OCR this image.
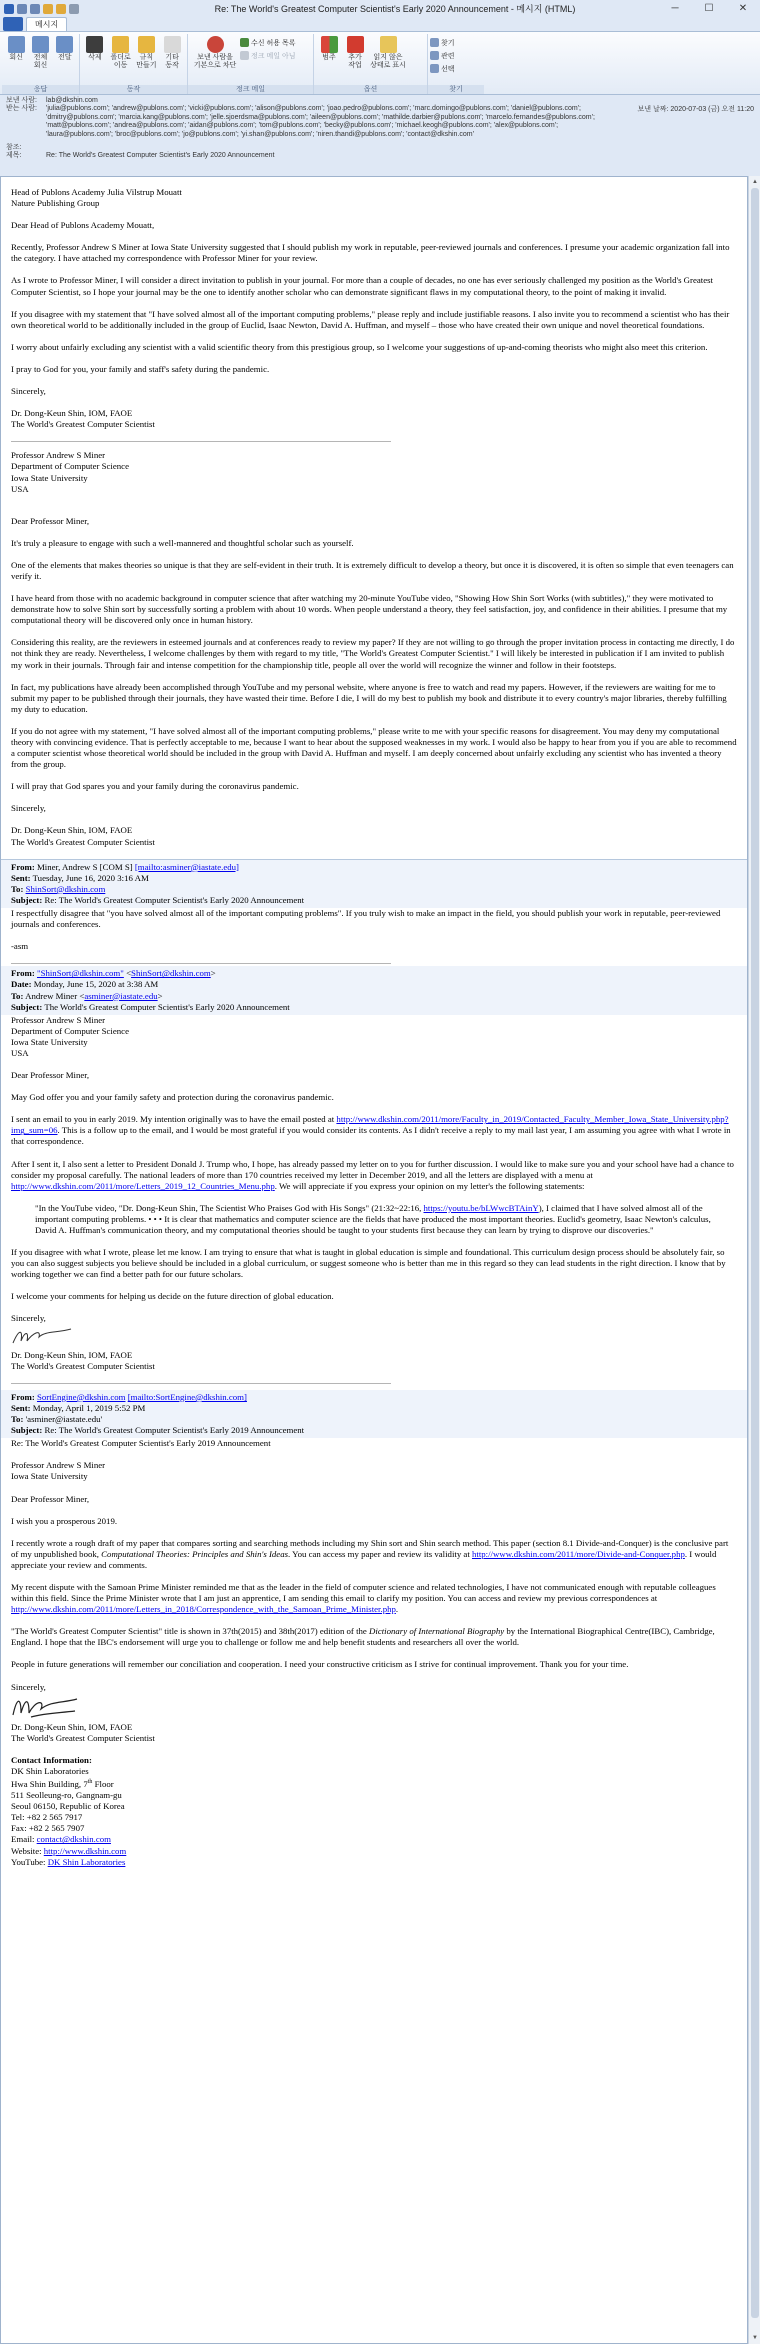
Re: The World's Greatest Computer Scientist's Early 2020 Announcement - 메시지 (HTML)	─	☐	✕
메시지
회신 전체
회신
전달
응답
삭제 폴더로
이동
규칙
만들기
기타
동작
동작
보낸 사람을
기본으로 차단
수신 허용 목록
정크 메일 아님
정크 메일
범주 추가
작업
읽지 않은
상태로 표시
옵션
찾기
관련
선택
찾기
보낸 사람:	lab@dkshin.com
받는 사람:	'julia@publons.com'; 'andrew@publons.com'; 'vicki@publons.com'; 'alison@publons.com'; 'joao.pedro@publons.com'; 'marc.domingo@publons.com'; 'daniel@publons.com';
'dmitry@publons.com'; 'marcia.kang@publons.com'; 'jelle.sjoerdsma@publons.com'; 'aileen@publons.com'; 'mathilde.darbier@publons.com'; 'marcelo.fernandes@publons.com';
'matt@publons.com'; 'andrea@publons.com'; 'aidan@publons.com'; 'tom@publons.com'; 'becky@publons.com'; 'michael.keogh@publons.com'; 'alex@publons.com';
'laura@publons.com'; 'broc@publons.com'; 'jo@publons.com'; 'yi.shan@publons.com'; 'niren.thandi@publons.com'; 'contact@dkshin.com'
참조:
제목:	Re: The World's Greatest Computer Scientist's Early 2020 Announcement
보낸 날짜: 2020-07-03 (금) 오전 11:20

Head of Publons Academy Julia Vilstrup Mouatt

Nature Publishing Group

Dear Head of Publons Academy Mouatt,

Recently, Professor Andrew S Miner at Iowa State University suggested that I should publish my work in reputable, peer-reviewed journals and conferences. I presume your academic organization fall into the category. I have attached my correspondence with Professor Miner for your review.

As I wrote to Professor Miner, I will consider a direct invitation to publish in your journal. For more than a couple of decades, no one has ever seriously challenged my position as the World's Greatest Computer Scientist, so I hope your journal may be the one to identify another scholar who can demonstrate significant flaws in my computational theory, to the point of making it invalid.

If you disagree with my statement that "I have solved almost all of the important computing problems," please reply and include justifiable reasons. I also invite you to recommend a scientist who has their own theoretical world to be additionally included in the group of Euclid, Isaac Newton, David A. Huffman, and myself – those who have created their own unique and novel theoretical foundations.

I worry about unfairly excluding any scientist with a valid scientific theory from this prestigious group, so I welcome your suggestions of up-and-coming theorists who might also meet this criterion.

I pray to God for you, your family and staff's safety during the pandemic.

Sincerely,

Dr. Dong-Keun Shin, IOM, FAOE

The World's Greatest Computer Scientist

Professor Andrew S Miner

Department of Computer Science

Iowa State University

USA

Dear Professor Miner,

It's truly a pleasure to engage with such a well-mannered and thoughtful scholar such as yourself.

One of the elements that makes theories so unique is that they are self-evident in their truth. It is extremely difficult to develop a theory, but once it is discovered, it is often so simple that even teenagers can verify it.

I have heard from those with no academic background in computer science that after watching my 20-minute YouTube video, "Showing How Shin Sort Works (with subtitles)," they were motivated to demonstrate how to solve Shin sort by successfully sorting a problem with about 10 words. When people understand a theory, they feel satisfaction, joy, and confidence in their abilities. I presume that my computational theory will be discovered only once in human history.

Considering this reality, are the reviewers in esteemed journals and at conferences ready to review my paper? If they are not willing to go through the proper invitation process in contacting me directly, I do not think they are ready. Nevertheless, I welcome challenges by them with regard to my title, "The World's Greatest Computer Scientist." I will likely be interested in publication if I am invited to publish my work in their journals. Through fair and intense competition for the championship title, people all over the world will recognize the winner and follow in their footsteps.

In fact, my publications have already been accomplished through YouTube and my personal website, where anyone is free to watch and read my papers. However, if the reviewers are waiting for me to submit my paper to be published through their journals, they have wasted their time. Before I die, I will do my best to publish my book and distribute it to every country's major libraries, thereby fulfilling my duty to education.

If you do not agree with my statement, "I have solved almost all of the important computing problems," please write to me with your specific reasons for disagreement. You may deny my computational theory with convincing evidence. That is perfectly acceptable to me, because I want to hear about the supposed weaknesses in my work. I would also be happy to hear from you if you are able to recommend a computer scientist whose theoretical world should be included in the group with David A. Huffman and myself. I am deeply concerned about unfairly excluding any scientist who has invented a theory from the group.

I will pray that God spares you and your family during the coronavirus pandemic.

Sincerely,

Dr. Dong-Keun Shin, IOM, FAOE

The World's Greatest Computer Scientist

From: Miner, Andrew S [COM S] [mailto:asminer@iastate.edu]

Sent: Tuesday, June 16, 2020 3:16 AM

To: ShinSort@dkshin.com

Subject: Re: The World's Greatest Computer Scientist's Early 2020 Announcement

I respectfully disagree that "you have solved almost all of the important computing problems". If you truly wish to make an impact in the field, you should publish your work in reputable, peer-reviewed journals and conferences.

-asm

From: "ShinSort@dkshin.com" <ShinSort@dkshin.com>

Date: Monday, June 15, 2020 at 3:38 AM

To: Andrew Miner <asminer@iastate.edu>

Subject: The World's Greatest Computer Scientist's Early 2020 Announcement

Professor Andrew S Miner

Department of Computer Science

Iowa State University

USA

Dear Professor Miner,

May God offer you and your family safety and protection during the coronavirus pandemic.

I sent an email to you in early 2019. My intention originally was to have the email posted at http://www.dkshin.com/2011/more/Faculty_in_2019/Contacted_Faculty_Member_Iowa_State_University.php?img_sum=06. This is a follow up to the email, and I would be most grateful if you would consider its contents. As I didn't receive a reply to my mail last year, I am assuming you agree with what I wrote in that correspondence.

After I sent it, I also sent a letter to President Donald J. Trump who, I hope, has already passed my letter on to you for further discussion. I would like to make sure you and your school have had a chance to consider my proposal carefully. The national leaders of more than 170 countries received my letter in December 2019, and all the letters are displayed with a menu at http://www.dkshin.com/2011/more/Letters_2019_12_Countries_Menu.php. We will appreciate if you express your opinion on my letter's the following statements:

"In the YouTube video, "Dr. Dong-Keun Shin, The Scientist Who Praises God with His Songs" (21:32~22:16, https://youtu.be/bLWwcBTAinY), I claimed that I have solved almost all of the important computing problems. • • • It is clear that mathematics and computer science are the fields that have produced the most important theories. Euclid's geometry, Isaac Newton's calculus, David A. Huffman's communication theory, and my computational theories should be taught to your students first because they can learn by trying to disprove our discoveries."

If you disagree with what I wrote, please let me know. I am trying to ensure that what is taught in global education is simple and foundational. This curriculum design process should be absolutely fair, so you can also suggest subjects you believe should be included in a global curriculum, or suggest someone who is better than me in this regard so they can lead students in the right direction. I know that by working together we can find a better path for our future scholars.

I welcome your comments for helping us decide on the future direction of global education.

Sincerely,

Dr. Dong-Keun Shin, IOM, FAOE

The World's Greatest Computer Scientist

From: SortEngine@dkshin.com [mailto:SortEngine@dkshin.com]

Sent: Monday, April 1, 2019 5:52 PM

To: 'asminer@iastate.edu'

Subject: Re: The World's Greatest Computer Scientist's Early 2019 Announcement

Re: The World's Greatest Computer Scientist's Early 2019 Announcement

Professor Andrew S Miner

Iowa State University

Dear Professor Miner,

I wish you a prosperous 2019.

I recently wrote a rough draft of my paper that compares sorting and searching methods including my Shin sort and Shin search method. This paper (section 8.1 Divide-and-Conquer) is the conclusive part of my unpublished book, Computational Theories: Principles and Shin's Ideas. You can access my paper and review its validity at http://www.dkshin.com/2011/more/Divide-and-Conquer.php. I would appreciate your review and comments.

My recent dispute with the Samoan Prime Minister reminded me that as the leader in the field of computer science and related technologies, I have not communicated enough with reputable colleagues within this field. Since the Prime Minister wrote that I am just an apprentice, I am sending this email to clarify my position. You can access and review my previous correspondences at http://www.dkshin.com/2011/more/Letters_in_2018/Correspondence_with_the_Samoan_Prime_Minister.php.

"The World's Greatest Computer Scientist" title is shown in 37th(2015) and 38th(2017) edition of the Dictionary of International Biography by the International Biographical Centre(IBC), Cambridge, England. I hope that the IBC's endorsement will urge you to challenge or follow me and help benefit students and researchers all over the world.

People in future generations will remember our conciliation and cooperation. I need your constructive criticism as I strive for continual improvement. Thank you for your time.

Sincerely,

Dr. Dong-Keun Shin, IOM, FAOE

The World's Greatest Computer Scientist

Contact Information:

DK Shin Laboratories

Hwa Shin Building, 7th Floor

511 Seolleung-ro, Gangnam-gu

Seoul 06150, Republic of Korea

Tel: +82 2 565 7917

Fax: +82 2 565 7907

Email: contact@dkshin.com

Website: http://www.dkshin.com

YouTube: DK Shin Laboratories

▲
▼
